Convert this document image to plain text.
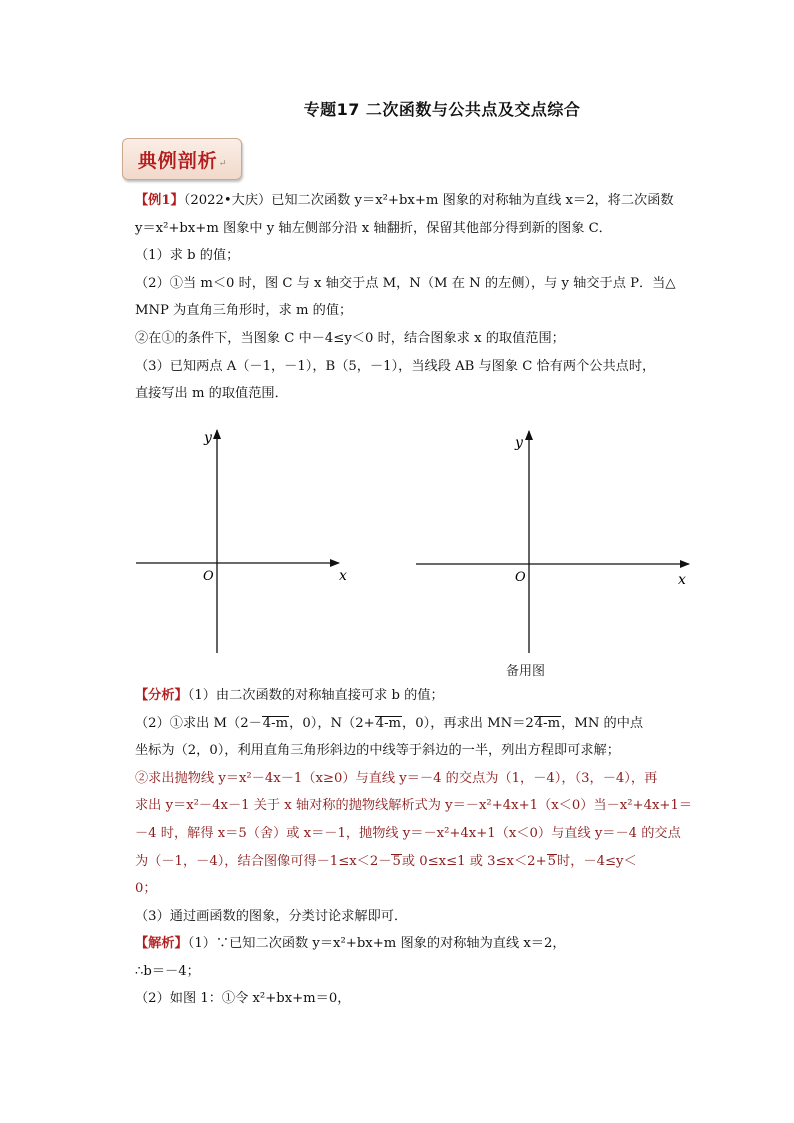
专题17 二次函数与公共点及交点综合
典例剖析 ↵
【例1】（2022•大庆）已知二次函数 y＝x²+bx+m 图象的对称轴为直线 x＝2，将二次函数
y＝x²+bx+m 图象中 y 轴左侧部分沿 x 轴翻折，保留其他部分得到新的图象 C．
（1）求 b 的值；
（2）①当 m＜0 时，图 C 与 x 轴交于点 M，N（M 在 N 的左侧），与 y 轴交于点 P．当△
MNP 为直角三角形时，求 m 的值；
②在①的条件下，当图象 C 中－4≤y＜0 时，结合图象求 x 的取值范围；
（3）已知两点 A（－1，－1），B（5，－1），当线段 AB 与图象 C 恰有两个公共点时，
直接写出 m 的取值范围．
y
x
O
y
x
O
备用图
【分析】（1）由二次函数的对称轴直接可求 b 的值；
（2）①求出 M（2－4-m，0），N（2+4-m，0），再求出 MN＝24-m，MN 的中点
坐标为（2，0），利用直角三角形斜边的中线等于斜边的一半，列出方程即可求解；
②求出抛物线 y＝x²－4x－1（x≥0）与直线 y＝－4 的交点为（1，－4），（3，－4），再
求出 y＝x²－4x－1 关于 x 轴对称的抛物线解析式为 y＝－x²+4x+1（x＜0）当－x²+4x+1＝
－4 时，解得 x＝5（舍）或 x＝－1，抛物线 y＝－x²+4x+1（x＜0）与直线 y＝－4 的交点
为（－1，－4），结合图像可得－1≤x＜2－5或 0≤x≤1 或 3≤x＜2+5时，－4≤y＜
0；
（3）通过画函数的图象，分类讨论求解即可．
【解析】（1）∵已知二次函数 y＝x²+bx+m 图象的对称轴为直线 x＝2，
∴b＝－4；
（2）如图 1：①令 x²+bx+m＝0，
